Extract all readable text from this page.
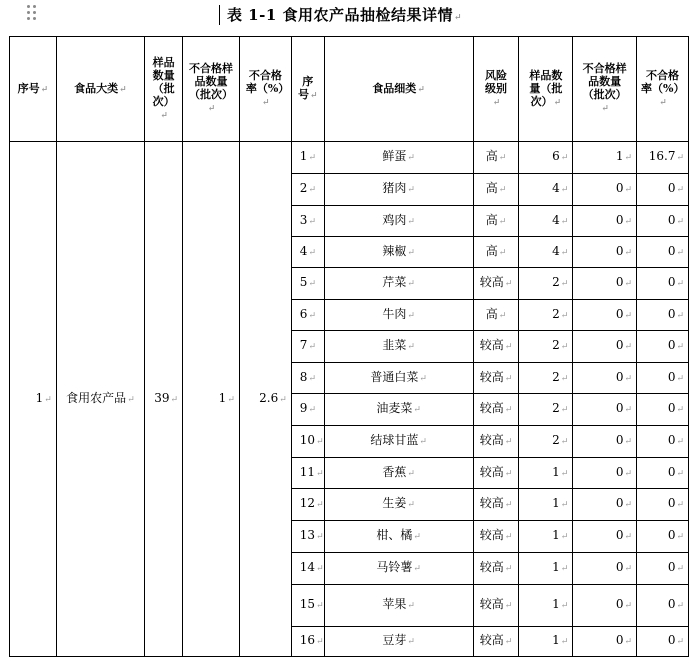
表 1-1 食用农产品抽检结果详情↵
序号↵	食品大类↵	样品数量（批次）↵	不合格样品数量（批次）↵	不合格率（%）↵	序号↵	食品细类↵	风险级别↵	样品数量（批次）↵	不合格样品数量（批次）↵	不合格率（%）↵
1↵	食用农产品↵	39↵	1↵	2.6↵	1↵	鲜蛋↵	高↵	6↵	1↵	16.7↵
					2↵	猪肉↵	高↵	4↵	0↵	0↵
					3↵	鸡肉↵	高↵	4↵	0↵	0↵
					4↵	辣椒↵	高↵	4↵	0↵	0↵
					5↵	芹菜↵	较高↵	2↵	0↵	0↵
					6↵	牛肉↵	高↵	2↵	0↵	0↵
					7↵	韭菜↵	较高↵	2↵	0↵	0↵
					8↵	普通白菜↵	较高↵	2↵	0↵	0↵
					9↵	油麦菜↵	较高↵	2↵	0↵	0↵
					10↵	结球甘蓝↵	较高↵	2↵	0↵	0↵
					11↵	香蕉↵	较高↵	1↵	0↵	0↵
					12↵	生姜↵	较高↵	1↵	0↵	0↵
					13↵	柑、橘↵	较高↵	1↵	0↵	0↵
					14↵	马铃薯↵	较高↵	1↵	0↵	0↵
					15↵	苹果↵	较高↵	1↵	0↵	0↵
					16↵	豆芽↵	较高↵	1↵	0↵	0↵
